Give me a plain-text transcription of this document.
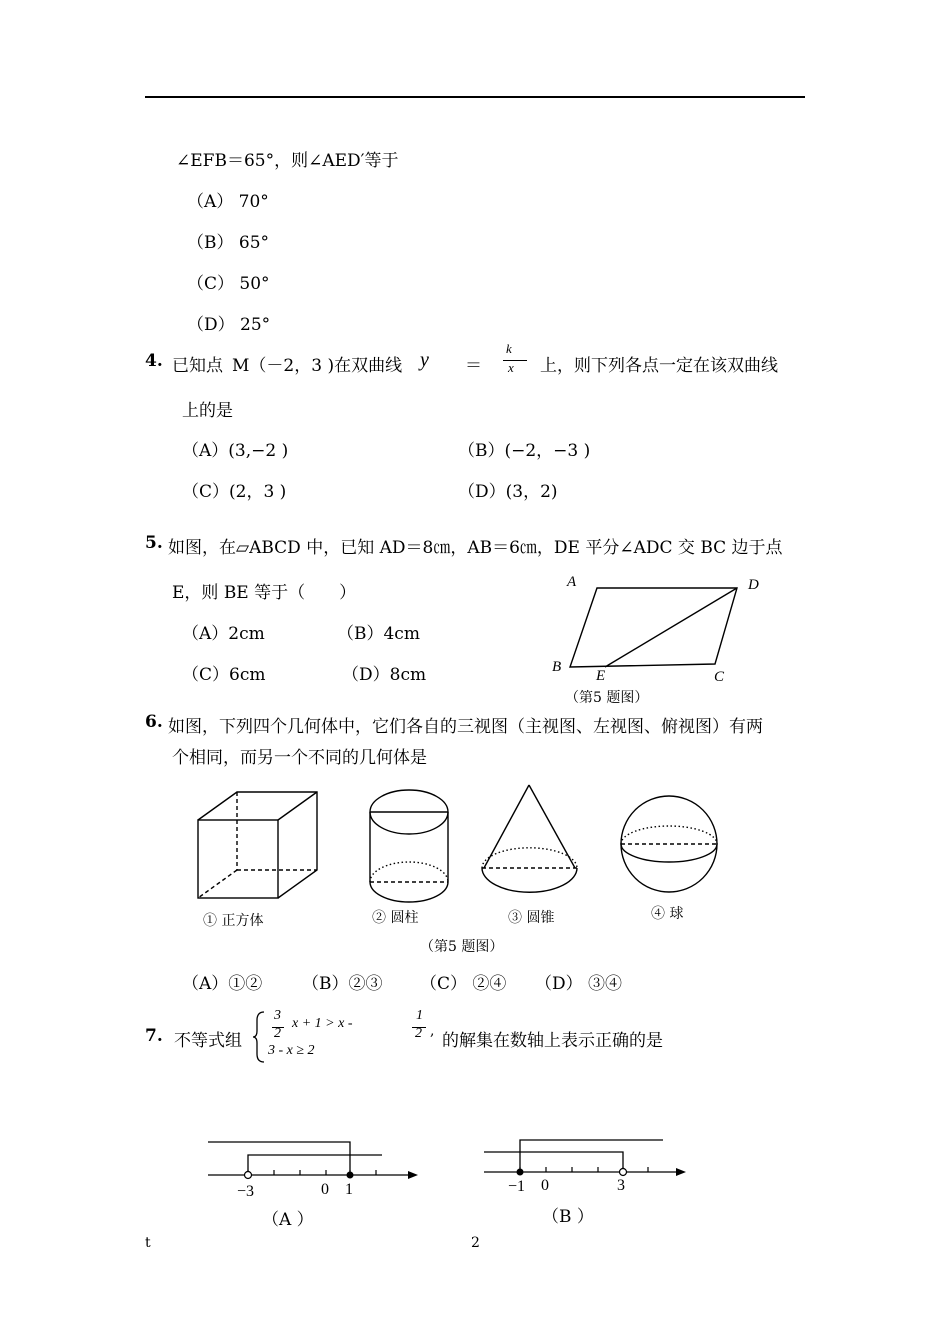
∠EFB＝65°，则∠AED′等于
（A） 70°
（B） 65°
（C） 50°
（D） 25°
4. 已知点 M（－2，3 )在双曲线 y ＝
k
x 上，则下列各点一定在该双曲线
上的是
（A）(3,−2 )	（B）(−2，−3 )
（C）(2，3 )	（D）(3，2)
5. 如图，在▱ABCD 中，已知 AD＝8㎝，AB＝6㎝，DE 平分∠ADC 交 BC 边于点
E，则 BE 等于（　　）
（A）2cm	（B）4cm
（C）6cm	（D）8cm
A	D
B
E	C
（第5 题图）
6. 如图，下列四个几何体中，它们各自的三视图（主视图、左视图、俯视图）有两
个相同，而另一个不同的几何体是
① 正方体	② 圆柱	③ 圆锥	④ 球
（第5 题图）
（A）①② （B）②③ （C） ②④ （D） ③④
7. 不等式组
3
2
x + 1 > x -
1
2 ,
3 - x ≥ 2	的解集在数轴上表示正确的是
−3	0 1
（A ）
−1 0	3
（B ）
t	2
